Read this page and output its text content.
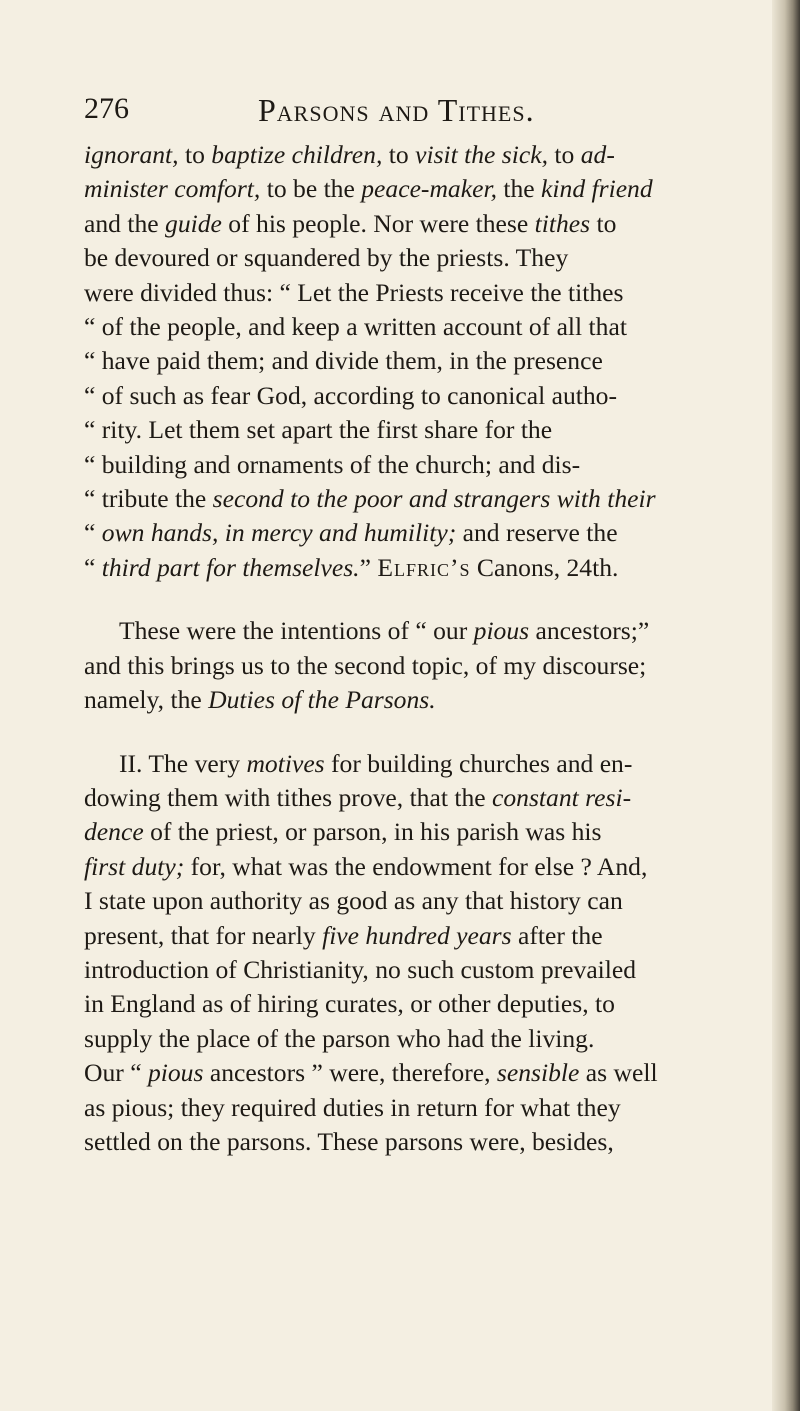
276	Parsons and Tithes.

ignorant, to baptize children, to visit the sick, to ad-
minister comfort, to be the peace-maker, the kind friend
and the guide of his people. Nor were these tithes to
be devoured or squandered by the priests. They
were divided thus: “ Let the Priests receive the tithes
“ of the people, and keep a written account of all that
“ have paid them; and divide them, in the presence
“ of such as fear God, according to canonical autho-
“ rity. Let them set apart the first share for the
“ building and ornaments of the church; and dis-
“ tribute the second to the poor and strangers with their
“ own hands, in mercy and humility; and reserve the
“ third part for themselves.” Elfric’s Canons, 24th.

These were the intentions of “ our pious ancestors;”
and this brings us to the second topic, of my discourse;
namely, the Duties of the Parsons.

II. The very motives for building churches and en-
dowing them with tithes prove, that the constant resi-
dence of the priest, or parson, in his parish was his
first duty; for, what was the endowment for else ? And,
I state upon authority as good as any that history can
present, that for nearly five hundred years after the
introduction of Christianity, no such custom prevailed
in England as of hiring curates, or other deputies, to
supply the place of the parson who had the living.
Our “ pious ancestors ” were, therefore, sensible as well
as pious; they required duties in return for what they
settled on the parsons. These parsons were, besides,
